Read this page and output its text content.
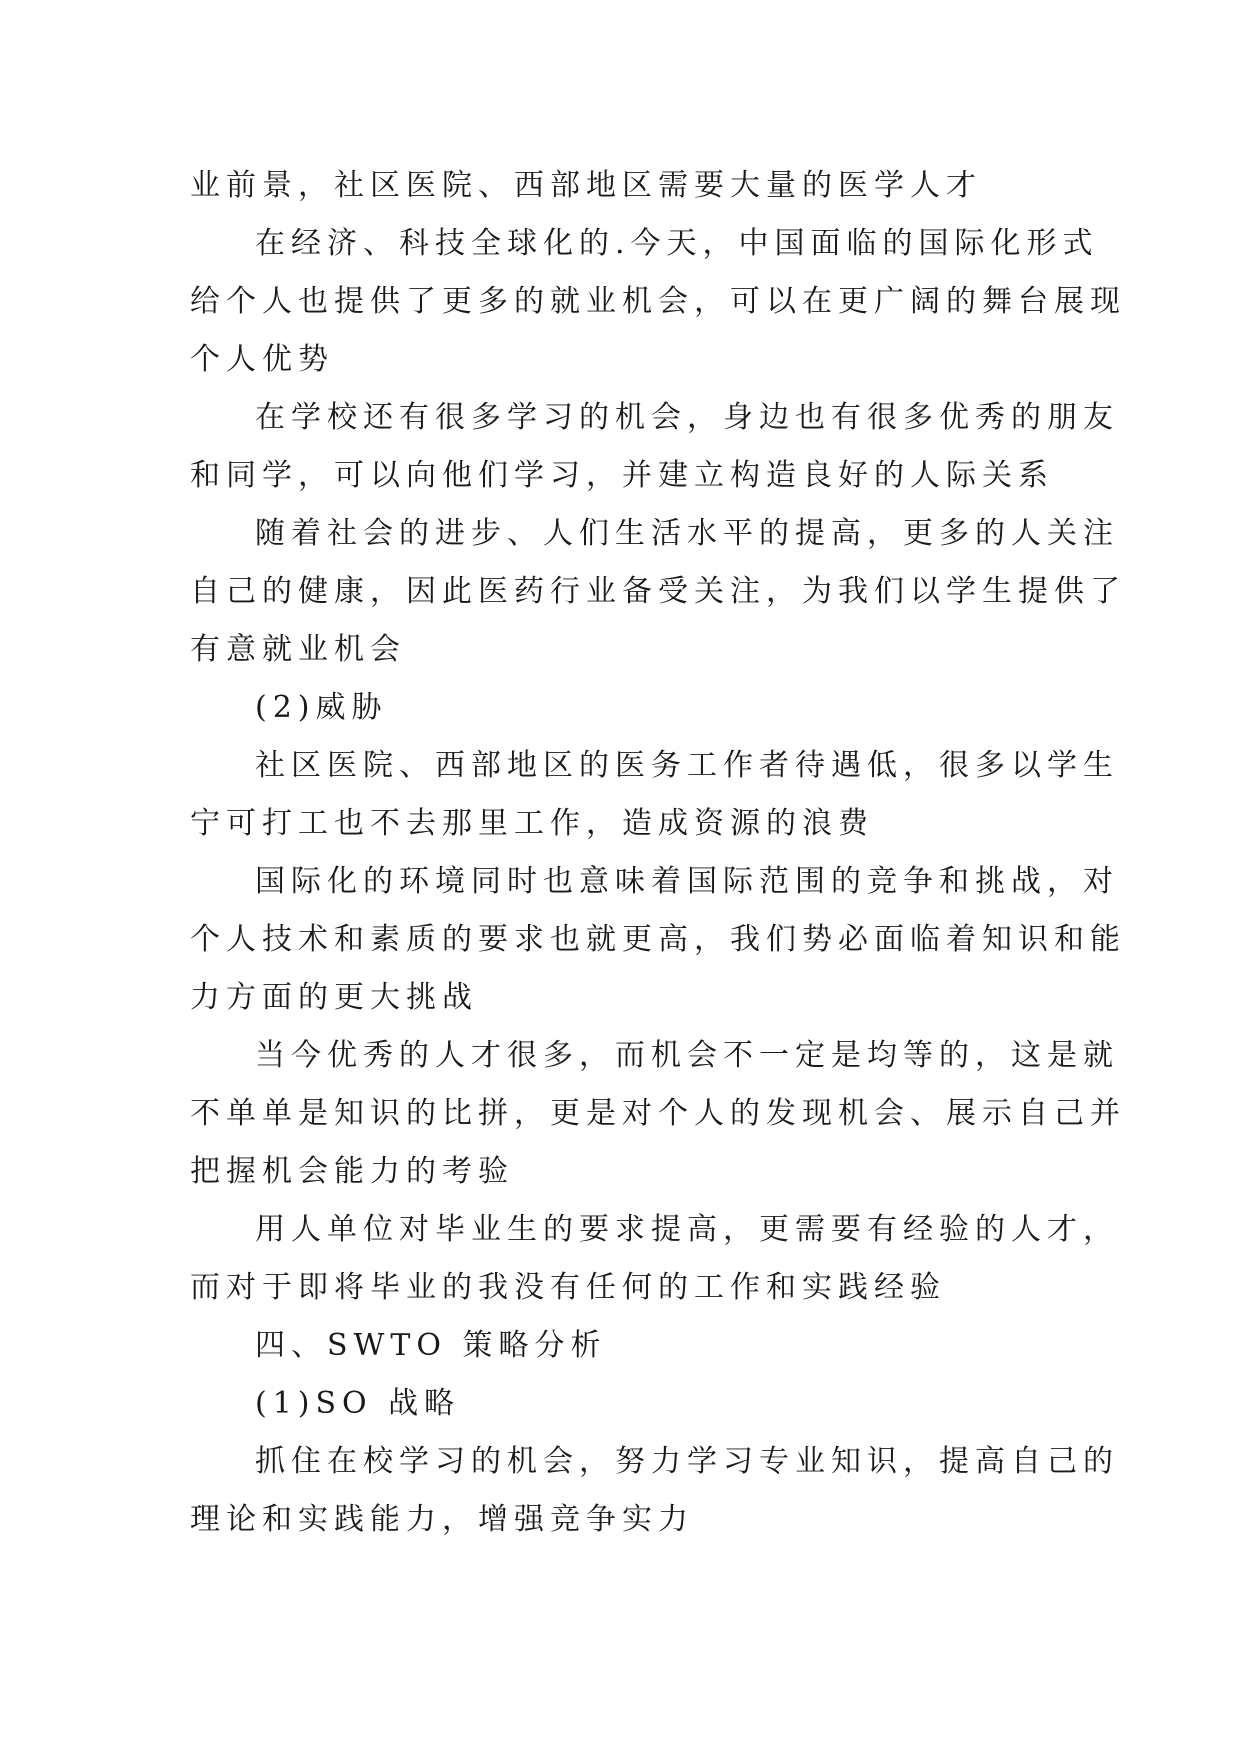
业前景，社区医院、西部地区需要大量的医学人才

在经济、科技全球化的.今天，中国面临的国际化形式

给个人也提供了更多的就业机会，可以在更广阔的舞台展现

个人优势

在学校还有很多学习的机会，身边也有很多优秀的朋友

和同学，可以向他们学习，并建立构造良好的人际关系

随着社会的进步、人们生活水平的提高，更多的人关注

自己的健康，因此医药行业备受关注，为我们以学生提供了

有意就业机会

(2)威胁

社区医院、西部地区的医务工作者待遇低，很多以学生

宁可打工也不去那里工作，造成资源的浪费

国际化的环境同时也意味着国际范围的竞争和挑战，对

个人技术和素质的要求也就更高，我们势必面临着知识和能

力方面的更大挑战

当今优秀的人才很多，而机会不一定是均等的，这是就

不单单是知识的比拼，更是对个人的发现机会、展示自己并

把握机会能力的考验

用人单位对毕业生的要求提高，更需要有经验的人才，

而对于即将毕业的我没有任何的工作和实践经验

四、SWTO 策略分析

(1)SO 战略

抓住在校学习的机会，努力学习专业知识，提高自己的

理论和实践能力，增强竞争实力
